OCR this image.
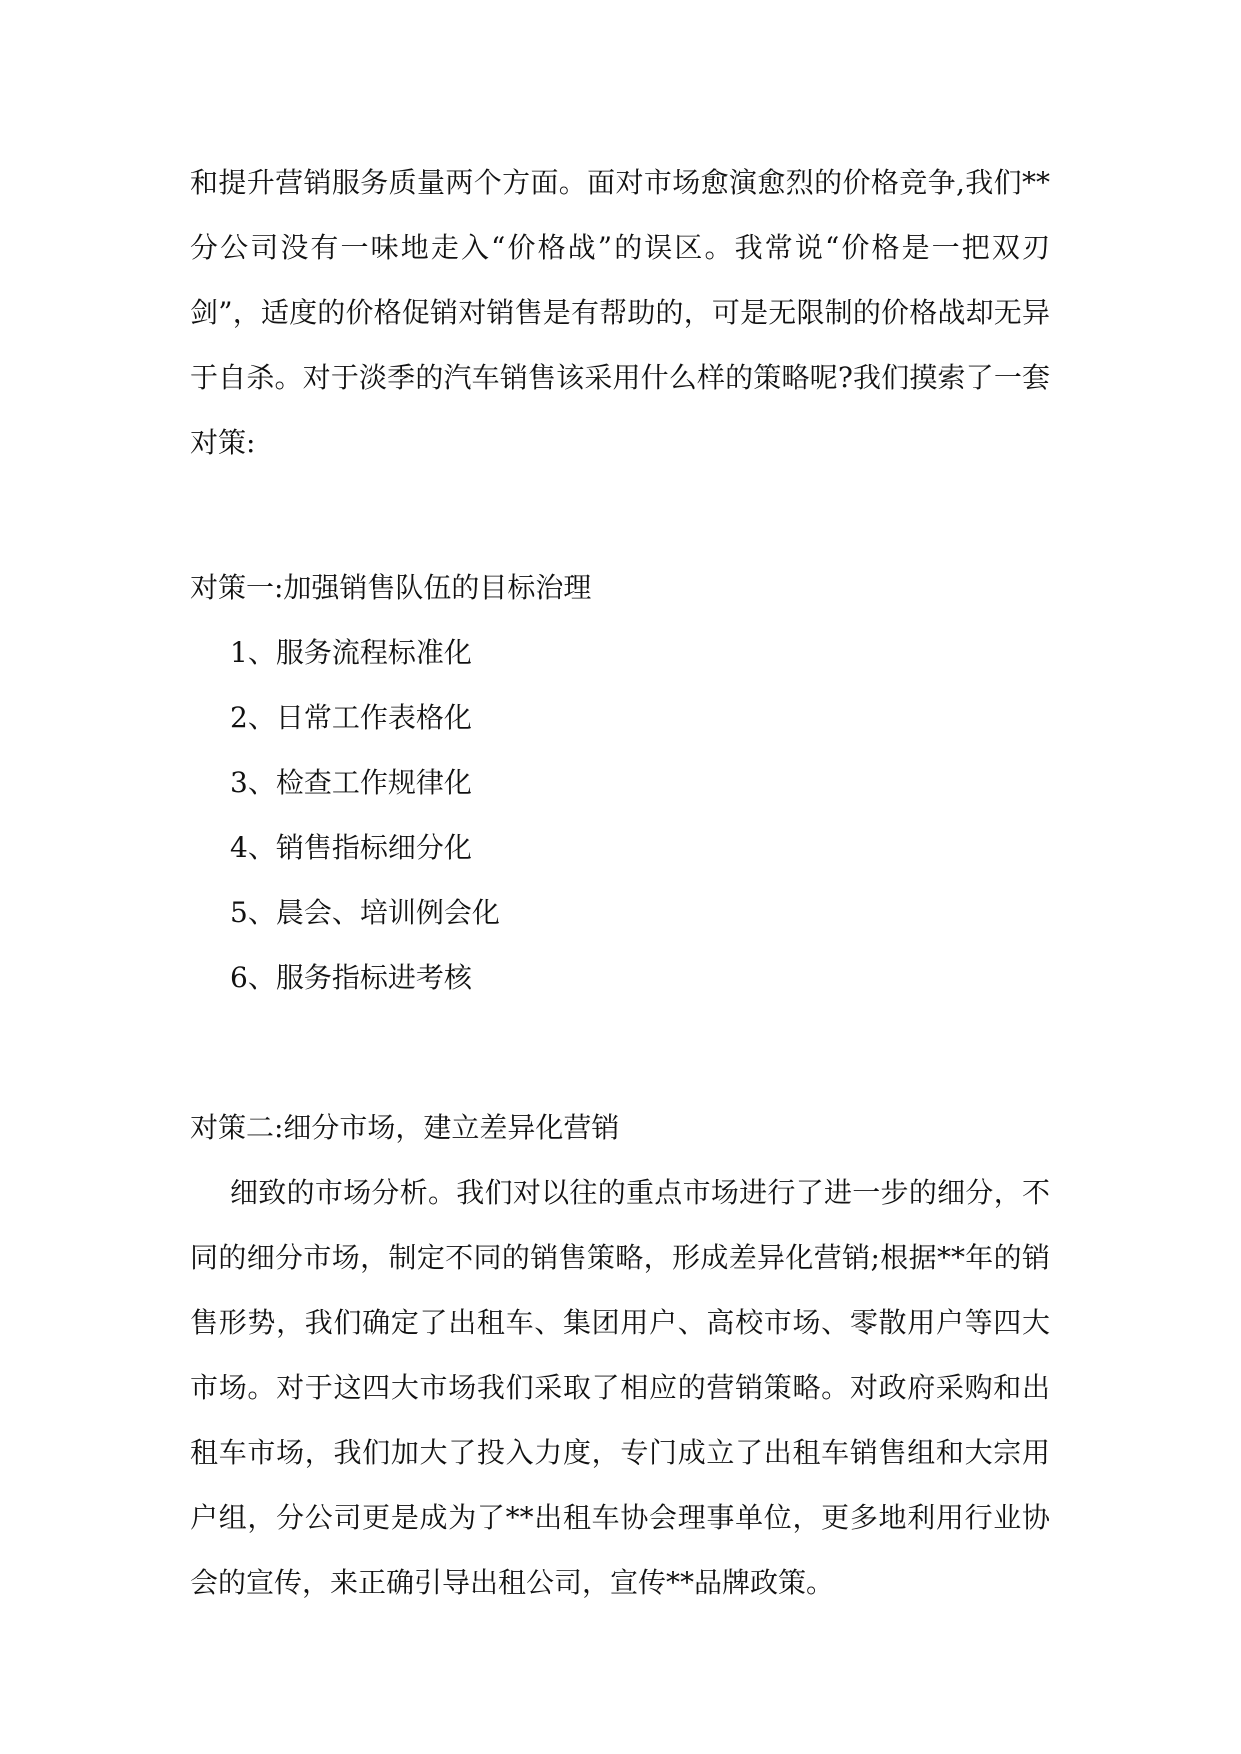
和提升营销服务质量两个方面。面对市场愈演愈烈的价格竞争,我们**分公司没有一味地走入“价格战”的误区。我常说“价格是一把双刃剑”，适度的价格促销对销售是有帮助的，可是无限制的价格战却无异于自杀。对于淡季的汽车销售该采用什么样的策略呢?我们摸索了一套对策:

对策一:加强销售队伍的目标治理

1、服务流程标准化
2、日常工作表格化
3、检查工作规律化
4、销售指标细分化
5、晨会、培训例会化
6、服务指标进考核

对策二:细分市场，建立差异化营销

细致的市场分析。我们对以往的重点市场进行了进一步的细分，不同的细分市场，制定不同的销售策略，形成差异化营销;根据**年的销售形势，我们确定了出租车、集团用户、高校市场、零散用户等四大市场。对于这四大市场我们采取了相应的营销策略。对政府采购和出租车市场，我们加大了投入力度，专门成立了出租车销售组和大宗用户组，分公司更是成为了**出租车协会理事单位，更多地利用行业协会的宣传，来正确引导出租公司，宣传**品牌政策。
